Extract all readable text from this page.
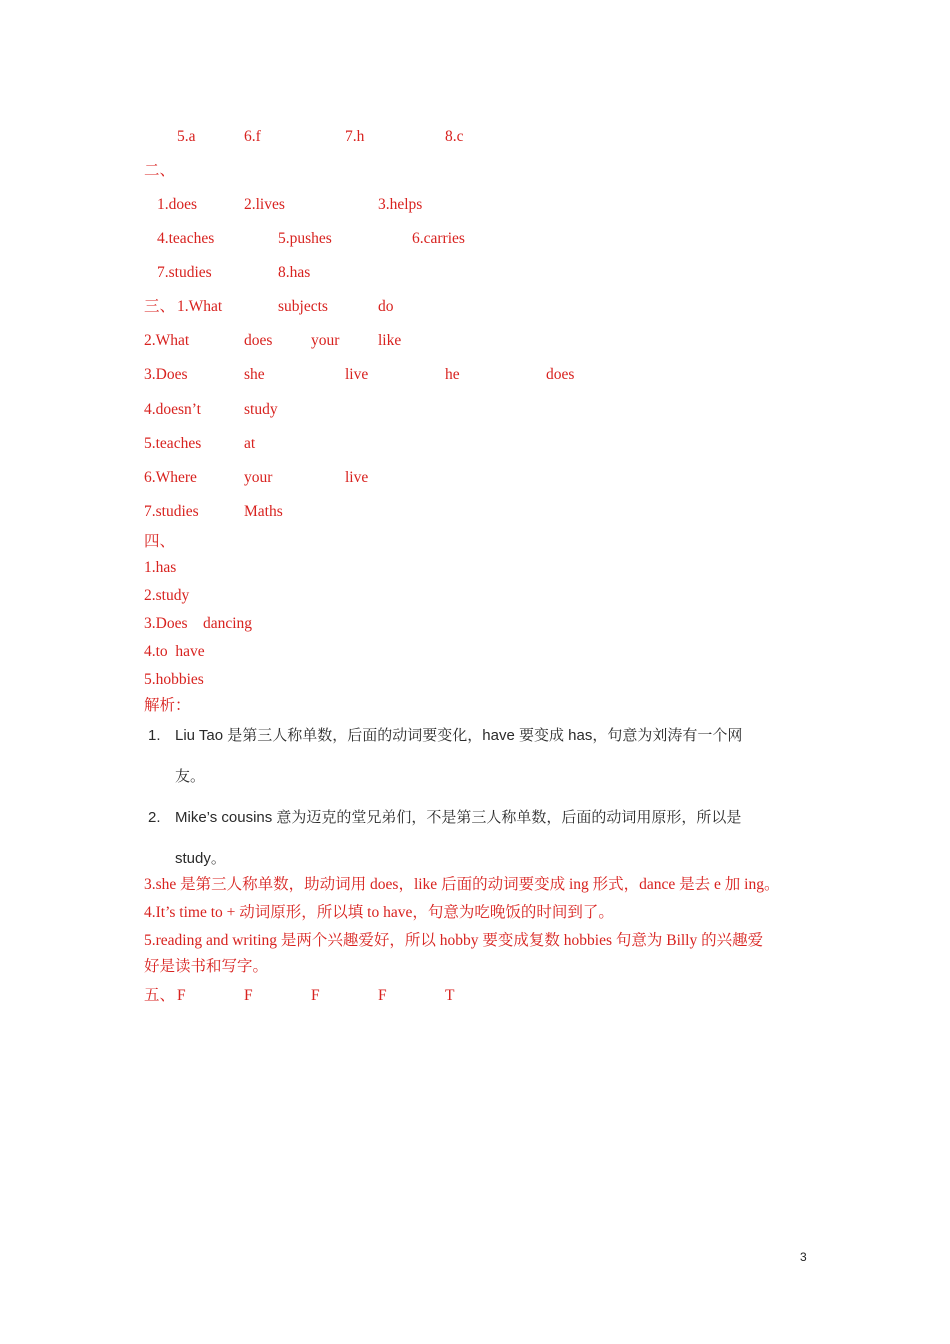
5.a	6.f	7.h	8.c
二、
1.does	2.lives	3.helps
4.teaches	5.pushes	6.carries
7.studies	8.has
三、 1.What	subjects	do
2.What	does your like
3.Does	she	live	he	does
4.doesn’t	study
5.teaches	at
6.Where	your	live
7.studies	Maths
四、
1.has
2.study
3.Does    dancing
4.to  have
5.hobbies
解析：
1. Liu Tao 是第三人称单数，后面的动词要变化，have 要变成 has，句意为刘涛有一个网
友。
2. Mike’s cousins 意为迈克的堂兄弟们，不是第三人称单数，后面的动词用原形，所以是
study。
3.she 是第三人称单数，助动词用 does，like 后面的动词要变成 ing 形式，dance 是去 e 加 ing。
4.It’s time to + 动词原形，所以填 to have，句意为吃晚饭的时间到了。
5.reading and writing 是两个兴趣爱好，所以 hobby 要变成复数 hobbies 句意为 Billy 的兴趣爱
好是读书和写字。
五、 F	F	F	F	T
3
